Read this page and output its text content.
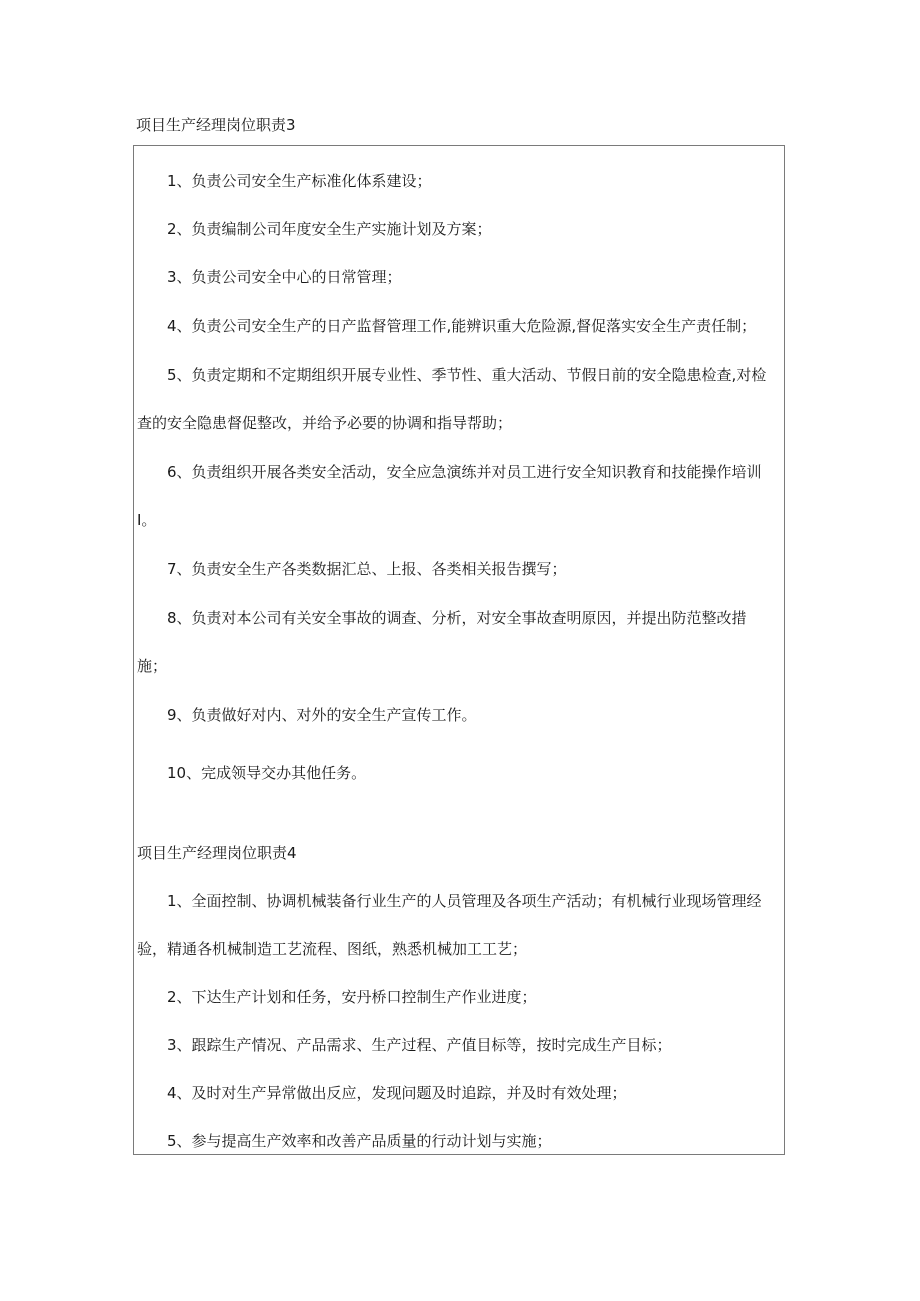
项目生产经理岗位职责3
1、负责公司安全生产标准化体系建设；
2、负责编制公司年度安全生产实施计划及方案；
3、负责公司安全中心的日常管理；
4、负责公司安全生产的日产监督管理工作,能辨识重大危险源,督促落实安全生产责任制；
5、负责定期和不定期组织开展专业性、季节性、重大活动、节假日前的安全隐患检查,对检
查的安全隐患督促整改，并给予必要的协调和指导帮助；
6、负责组织开展各类安全活动，安全应急演练并对员工进行安全知识教育和技能操作培训
I。
7、负责安全生产各类数据汇总、上报、各类相关报告撰写；
8、负责对本公司有关安全事故的调查、分析，对安全事故查明原因，并提出防范整改措
施；
9、负责做好对内、对外的安全生产宣传工作。
10、完成领导交办其他任务。
项目生产经理岗位职责4
1、全面控制、协调机械装备行业生产的人员管理及各项生产活动；有机械行业现场管理经
验，精通各机械制造工艺流程、图纸，熟悉机械加工工艺；
2、下达生产计划和任务，安丹桥口控制生产作业进度；
3、跟踪生产情况、产品需求、生产过程、产值目标等，按时完成生产目标；
4、及时对生产异常做出反应，发现问题及时追踪，并及时有效处理；
5、参与提高生产效率和改善产品质量的行动计划与实施；
